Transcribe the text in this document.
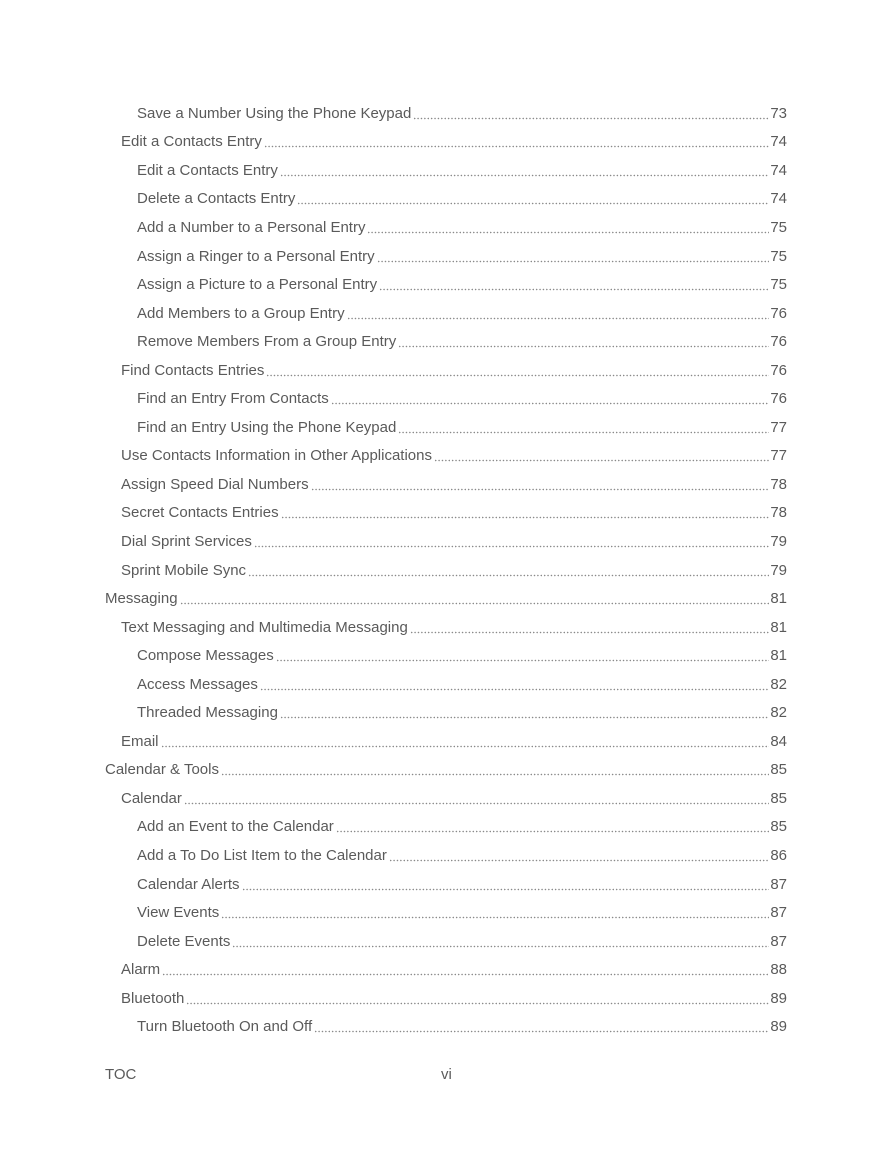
Save a Number Using the Phone Keypad	73
Edit a Contacts Entry	74
Edit a Contacts Entry	74
Delete a Contacts Entry	74
Add a Number to a Personal Entry	75
Assign a Ringer to a Personal Entry	75
Assign a Picture to a Personal Entry	75
Add Members to a Group Entry	76
Remove Members From a Group Entry	76
Find Contacts Entries	76
Find an Entry From Contacts	76
Find an Entry Using the Phone Keypad	77
Use Contacts Information in Other Applications	77
Assign Speed Dial Numbers	78
Secret Contacts Entries	78
Dial Sprint Services	79
Sprint Mobile Sync	79
Messaging	81
Text Messaging and Multimedia Messaging	81
Compose Messages	81
Access Messages	82
Threaded Messaging	82
Email	84
Calendar & Tools	85
Calendar	85
Add an Event to the Calendar	85
Add a To Do List Item to the Calendar	86
Calendar Alerts	87
View Events	87
Delete Events	87
Alarm	88
Bluetooth	89
Turn Bluetooth On and Off	89
TOC	vi
